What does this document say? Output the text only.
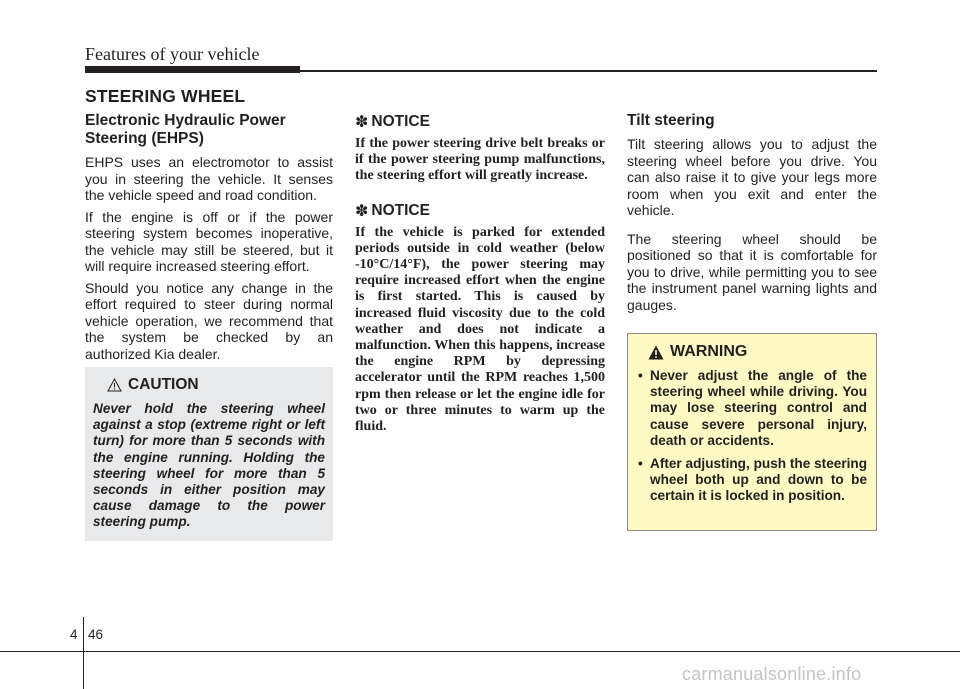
Features of your vehicle
STEERING WHEEL
Electronic Hydraulic Power Steering (EHPS)

EHPS uses an electromotor to assist you in steering the vehicle. It senses the vehicle speed and road condition.

If the engine is off or if the power steering system becomes inoperative, the vehicle may still be steered, but it will require increased steering effort.

Should you notice any change in the effort required to steer during normal vehicle operation, we recommend that the system be checked by an authorized Kia dealer.

CAUTION

Never hold the steering wheel against a stop (extreme right or left turn) for more than 5 seconds with the engine running. Holding the steering wheel for more than 5 seconds in either position may cause damage to the power steering pump.

✽ NOTICE

If the power steering drive belt breaks or if the power steering pump malfunctions, the steering effort will greatly increase.

✽ NOTICE

If the vehicle is parked for extended periods outside in cold weather (below -10°C/14°F), the power steering may require increased effort when the engine is first started. This is caused by increased fluid viscosity due to the cold weather and does not indicate a malfunction. When this happens, increase the engine RPM by depressing accelerator until the RPM reaches 1,500 rpm then release or let the engine idle for two or three minutes to warm up the fluid.

Tilt steering

Tilt steering allows you to adjust the steering wheel before you drive. You can also raise it to give your legs more room when you exit and enter the vehicle.

The steering wheel should be positioned so that it is comfortable for you to drive, while permitting you to see the instrument panel warning lights and gauges.

WARNING
• Never adjust the angle of the steering wheel while driving. You may lose steering control and cause severe personal injury, death or accidents.
• After adjusting, push the steering wheel both up and down to be certain it is locked in position.
4 46
carmanualsonline.info
